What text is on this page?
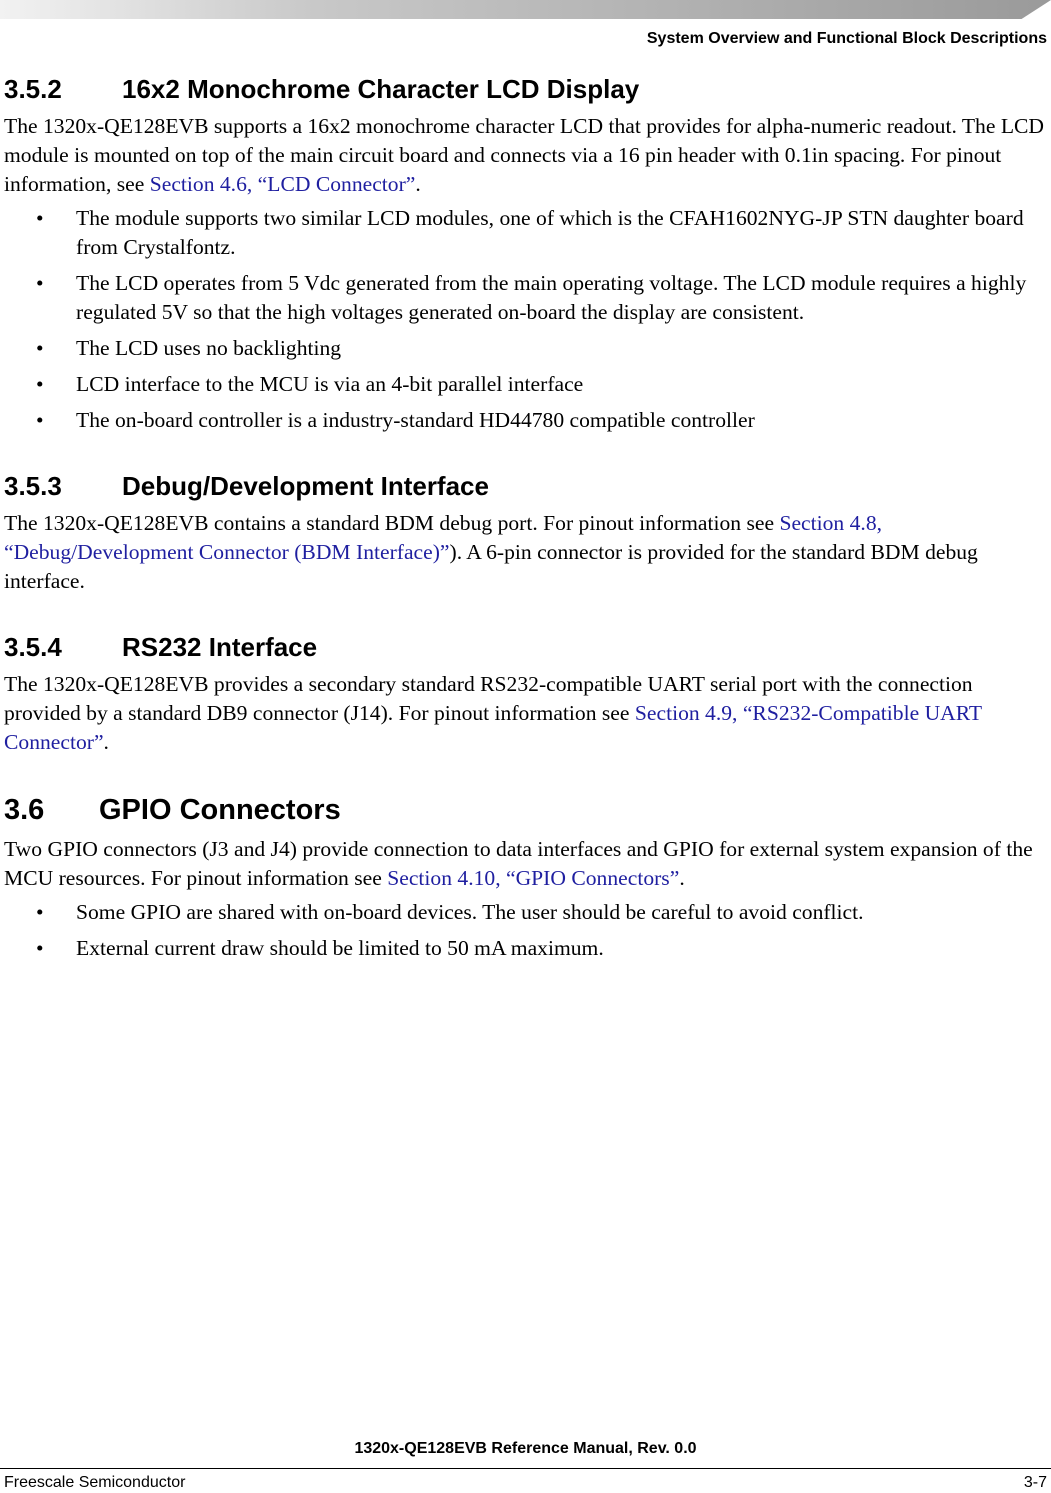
System Overview and Functional Block Descriptions
3.5.2	16x2 Monochrome Character LCD Display

The 1320x-QE128EVB supports a 16x2 monochrome character LCD that provides for alpha-numeric readout. The LCD module is mounted on top of the main circuit board and connects via a 16 pin header with 0.1in spacing. For pinout information, see Section 4.6, “LCD Connector”.

• The module supports two similar LCD modules, one of which is the CFAH1602NYG-JP STN daughter board from Crystalfontz.
• The LCD operates from 5 Vdc generated from the main operating voltage. The LCD module requires a highly regulated 5V so that the high voltages generated on-board the display are consistent.
• The LCD uses no backlighting
• LCD interface to the MCU is via an 4-bit parallel interface
• The on-board controller is a industry-standard HD44780 compatible controller
3.5.3	Debug/Development Interface

The 1320x-QE128EVB contains a standard BDM debug port. For pinout information see Section 4.8, “Debug/Development Connector (BDM Interface)”). A 6-pin connector is provided for the standard BDM debug interface.

3.5.4	RS232 Interface

The 1320x-QE128EVB provides a secondary standard RS232-compatible UART serial port with the connection provided by a standard DB9 connector (J14). For pinout information see Section 4.9, “RS232-Compatible UART Connector”.

3.6	GPIO Connectors

Two GPIO connectors (J3 and J4) provide connection to data interfaces and GPIO for external system expansion of the MCU resources. For pinout information see Section 4.10, “GPIO Connectors”.

• Some GPIO are shared with on-board devices. The user should be careful to avoid conflict.
• External current draw should be limited to 50 mA maximum.
1320x-QE128EVB Reference Manual, Rev. 0.0
Freescale Semiconductor	3-7
